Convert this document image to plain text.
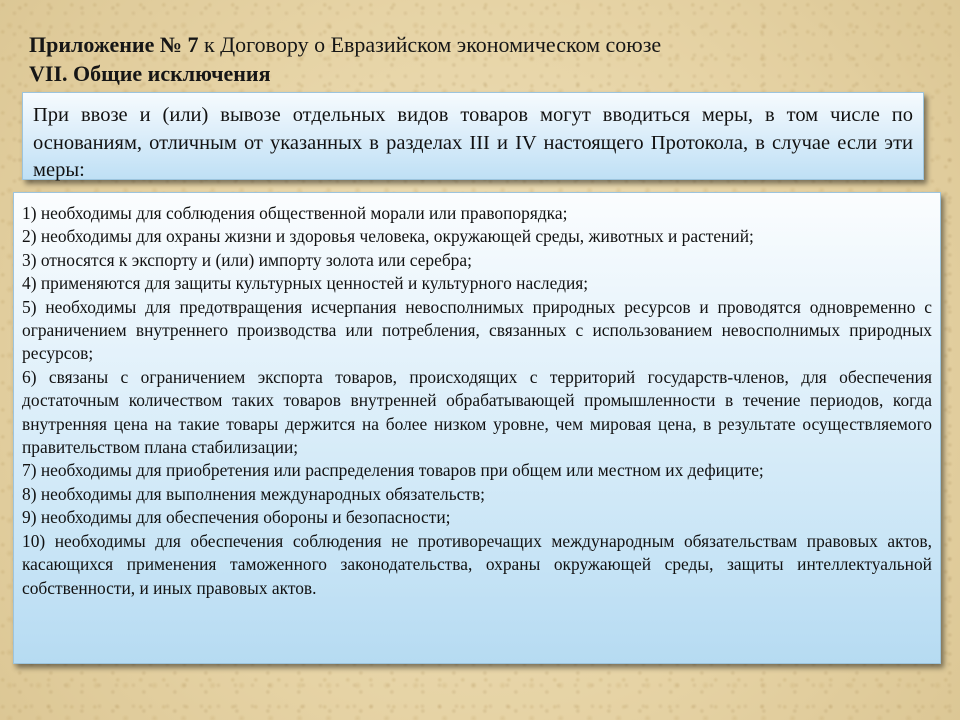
Приложение № 7 к Договору о Евразийском экономическом союзе
VII. Общие исключения
При ввозе и (или) вывозе отдельных видов товаров могут вводиться меры, в том числе по основаниям, отличным от указанных в разделах III и IV настоящего Протокола, в случае если эти меры:
1) необходимы для соблюдения общественной морали или правопорядка;
2) необходимы для охраны жизни и здоровья человека, окружающей среды, животных и растений;
3) относятся к экспорту и (или) импорту золота или серебра;
4) применяются для защиты культурных ценностей и культурного наследия;
5) необходимы для предотвращения исчерпания невосполнимых природных ресурсов и проводятся одновременно с ограничением внутреннего производства или потребления, связанных с использованием невосполнимых природных ресурсов;
6) связаны с ограничением экспорта товаров, происходящих с территорий государств-членов, для обеспечения достаточным количеством таких товаров внутренней обрабатывающей промышленности в течение периодов, когда внутренняя цена на такие товары держится на более низком уровне, чем мировая цена, в результате осуществляемого правительством плана стабилизации;
7) необходимы для приобретения или распределения товаров при общем или местном их дефиците;
8) необходимы для выполнения международных обязательств;
9) необходимы для обеспечения обороны и безопасности;
10) необходимы для обеспечения соблюдения не противоречащих международным обязательствам правовых актов, касающихся применения таможенного законодательства, охраны окружающей среды, защиты интеллектуальной собственности, и иных правовых актов.
